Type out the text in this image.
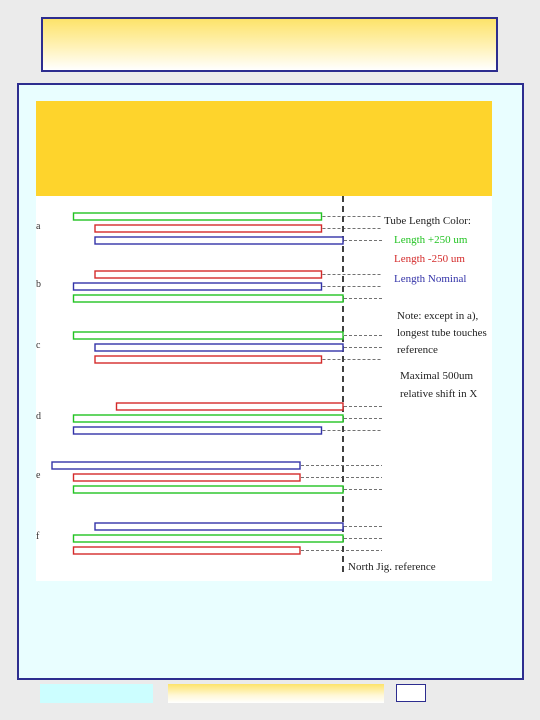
a
b
c
d
e
f
Tube Length Color:
Length +250 um
Length -250 um
Length Nominal
Note: except in a),
longest tube touches
reference
Maximal 500um
relative shift in X
North Jig. reference
